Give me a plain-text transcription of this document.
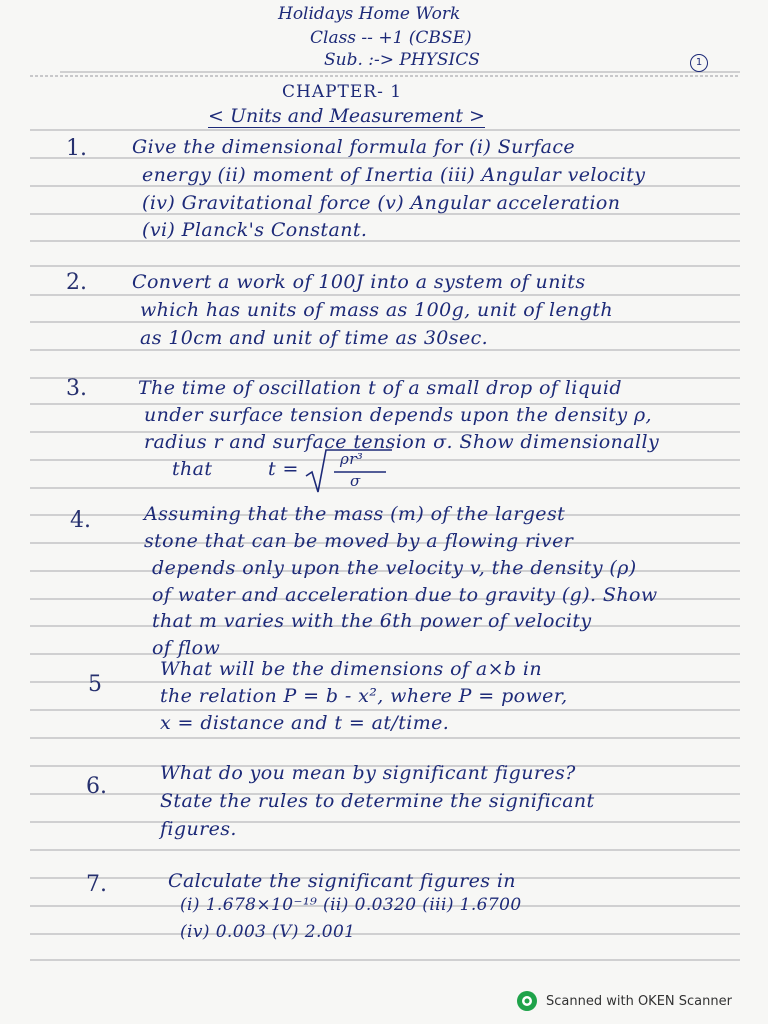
Holidays Home Work
Class -- +1 (CBSE)
Sub. :-> PHYSICS	1
CHAPTER- 1
< Units and Measurement >
1. Give the dimensional formula for (i) Surface
energy (ii) moment of Inertia (iii) Angular velocity
(iv) Gravitational force (v) Angular acceleration
(vi) Planck's Constant.
2. Convert a work of 100J into a system of units
which has units of mass as 100g, unit of length
as 10cm and unit of time as 30sec.
3.	The time of oscillation t of a small drop of liquid
under surface tension depends upon the density ρ,
radius r and surface tension σ. Show dimensionally
that	t =	ρr³
σ
4.	Assuming that the mass (m) of the largest
stone that can be moved by a flowing river
depends only upon the velocity v, the density (ρ)
of water and acceleration due to gravity (g). Show
that m varies with the 6th power of velocity
of flow
5
What will be the dimensions of a×b in
the relation P = b - x², where P = power,
x = distance and t = at/time.
6.
What do you mean by significant figures?
State the rules to determine the significant
figures.
7.	Calculate the significant figures in
(i) 1.678×10⁻¹⁹ (ii) 0.0320 (iii) 1.6700
(iv) 0.003 (V) 2.001
Scanned with OKEN Scanner
